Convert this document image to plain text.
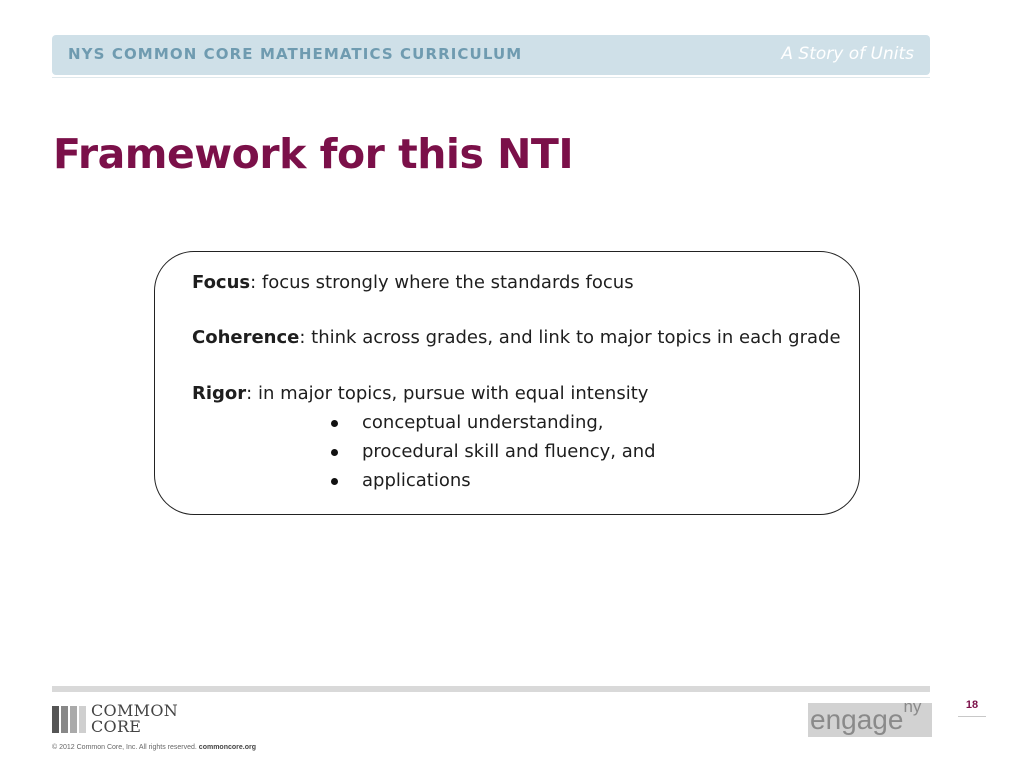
NYS COMMON CORE MATHEMATICS CURRICULUM	A Story of Units
Framework for this NTI
Focus: focus strongly where the standards focus
Coherence: think across grades, and link to major topics in each grade
Rigor: in major topics, pursue with equal intensity
conceptual understanding,
procedural skill and fluency, and
applications
COMMON
CORE
© 2012 Common Core, Inc. All rights reserved. commoncore.org
engage$^{ny}$	18
